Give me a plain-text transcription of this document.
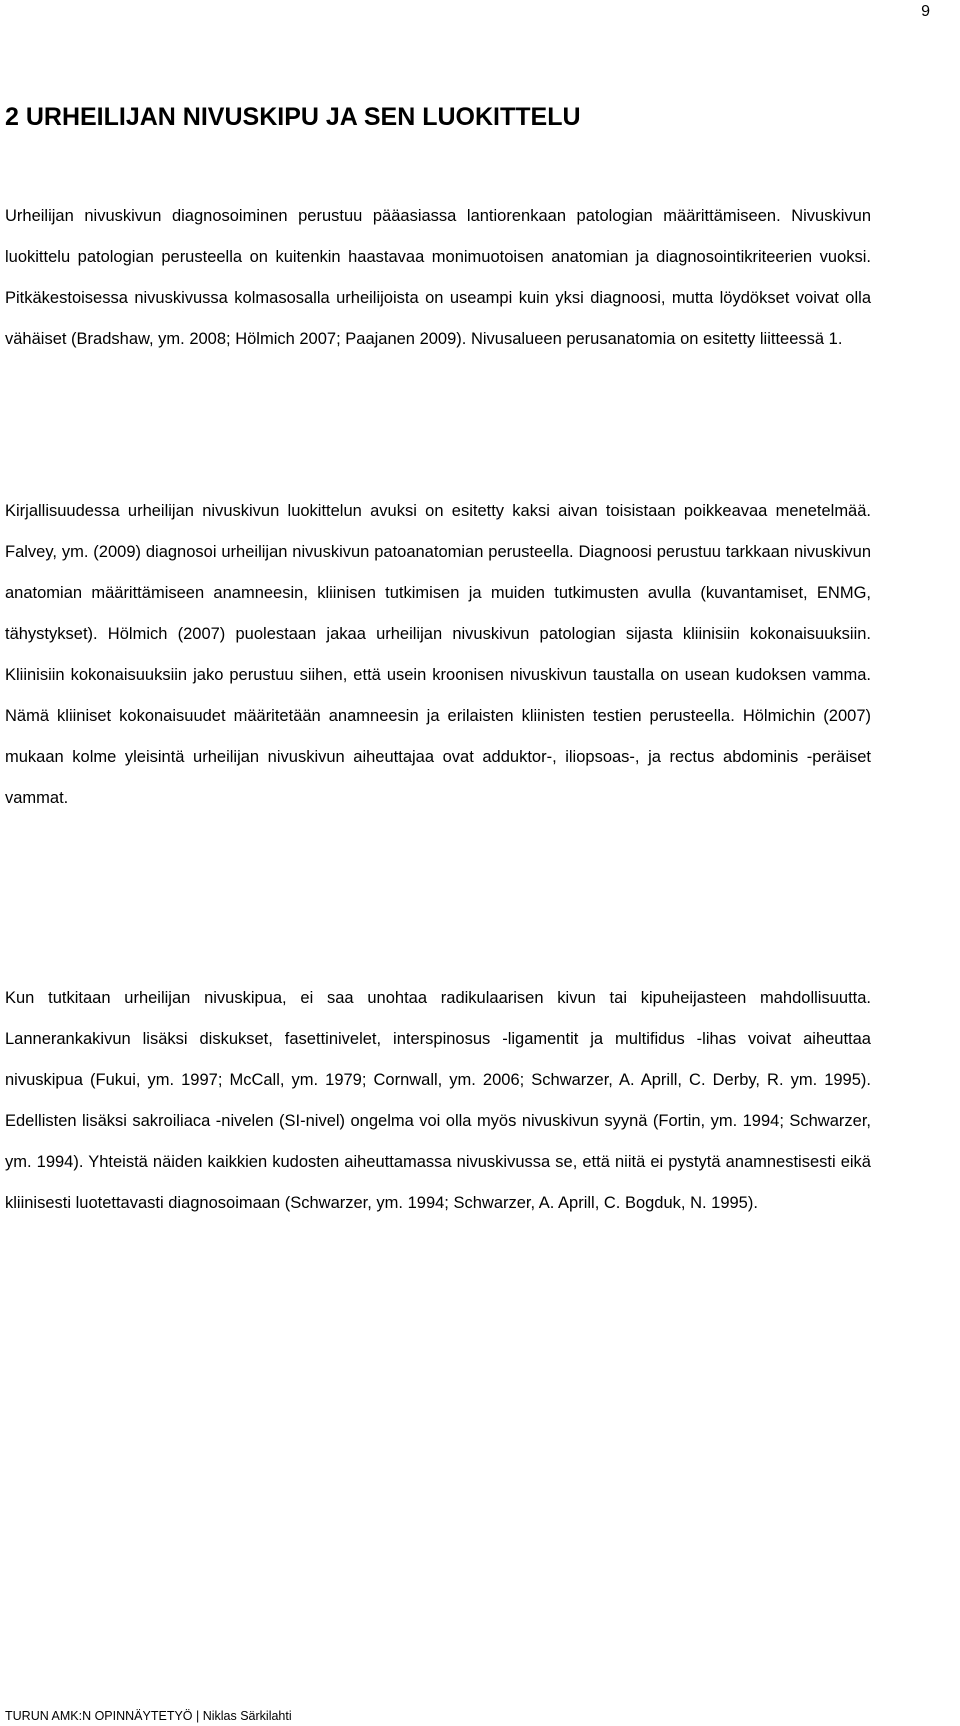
9
2 URHEILIJAN NIVUSKIPU JA SEN LUOKITTELU

Urheilijan nivuskivun diagnosoiminen perustuu pääasiassa lantiorenkaan patologian määrittämiseen. Nivuskivun luokittelu patologian perusteella on kuitenkin haastavaa monimuotoisen anatomian ja diagnosointikriteerien vuoksi. Pitkäkestoisessa nivuskivussa kolmasosalla urheilijoista on useampi kuin yksi diagnoosi, mutta löydökset voivat olla vähäiset (Bradshaw, ym. 2008; Hölmich 2007; Paajanen 2009). Nivusalueen perusanatomia on esitetty liitteessä 1.

Kirjallisuudessa urheilijan nivuskivun luokittelun avuksi on esitetty kaksi aivan toisistaan poikkeavaa menetelmää. Falvey, ym. (2009) diagnosoi urheilijan nivuskivun patoanatomian perusteella. Diagnoosi perustuu tarkkaan nivuskivun anatomian määrittämiseen anamneesin, kliinisen tutkimisen ja muiden tutkimusten avulla (kuvantamiset, ENMG, tähystykset). Hölmich (2007) puolestaan jakaa urheilijan nivuskivun patologian sijasta kliinisiin kokonaisuuksiin. Kliinisiin kokonaisuuksiin jako perustuu siihen, että usein kroonisen nivuskivun taustalla on usean kudoksen vamma. Nämä kliiniset kokonaisuudet määritetään anamneesin ja erilaisten kliinisten testien perusteella. Hölmichin (2007) mukaan kolme yleisintä urheilijan nivuskivun aiheuttajaa ovat adduktor-, iliopsoas-, ja rectus abdominis -peräiset vammat.

Kun tutkitaan urheilijan nivuskipua, ei saa unohtaa radikulaarisen kivun tai kipuheijasteen mahdollisuutta. Lannerankakivun lisäksi diskukset, fasettinivelet, interspinosus -ligamentit ja multifidus -lihas voivat aiheuttaa nivuskipua (Fukui, ym. 1997; McCall, ym. 1979; Cornwall, ym. 2006; Schwarzer, A. Aprill, C. Derby, R. ym. 1995). Edellisten lisäksi sakroiliaca -nivelen (SI-nivel) ongelma voi olla myös nivuskivun syynä (Fortin, ym. 1994; Schwarzer, ym. 1994). Yhteistä näiden kaikkien kudosten aiheuttamassa nivuskivussa se, että niitä ei pystytä anamnestisesti eikä kliinisesti luotettavasti diagnosoimaan (Schwarzer, ym. 1994; Schwarzer, A. Aprill, C. Bogduk, N. 1995).

TURUN AMK:N OPINNÄYTETYÖ | Niklas Särkilahti
